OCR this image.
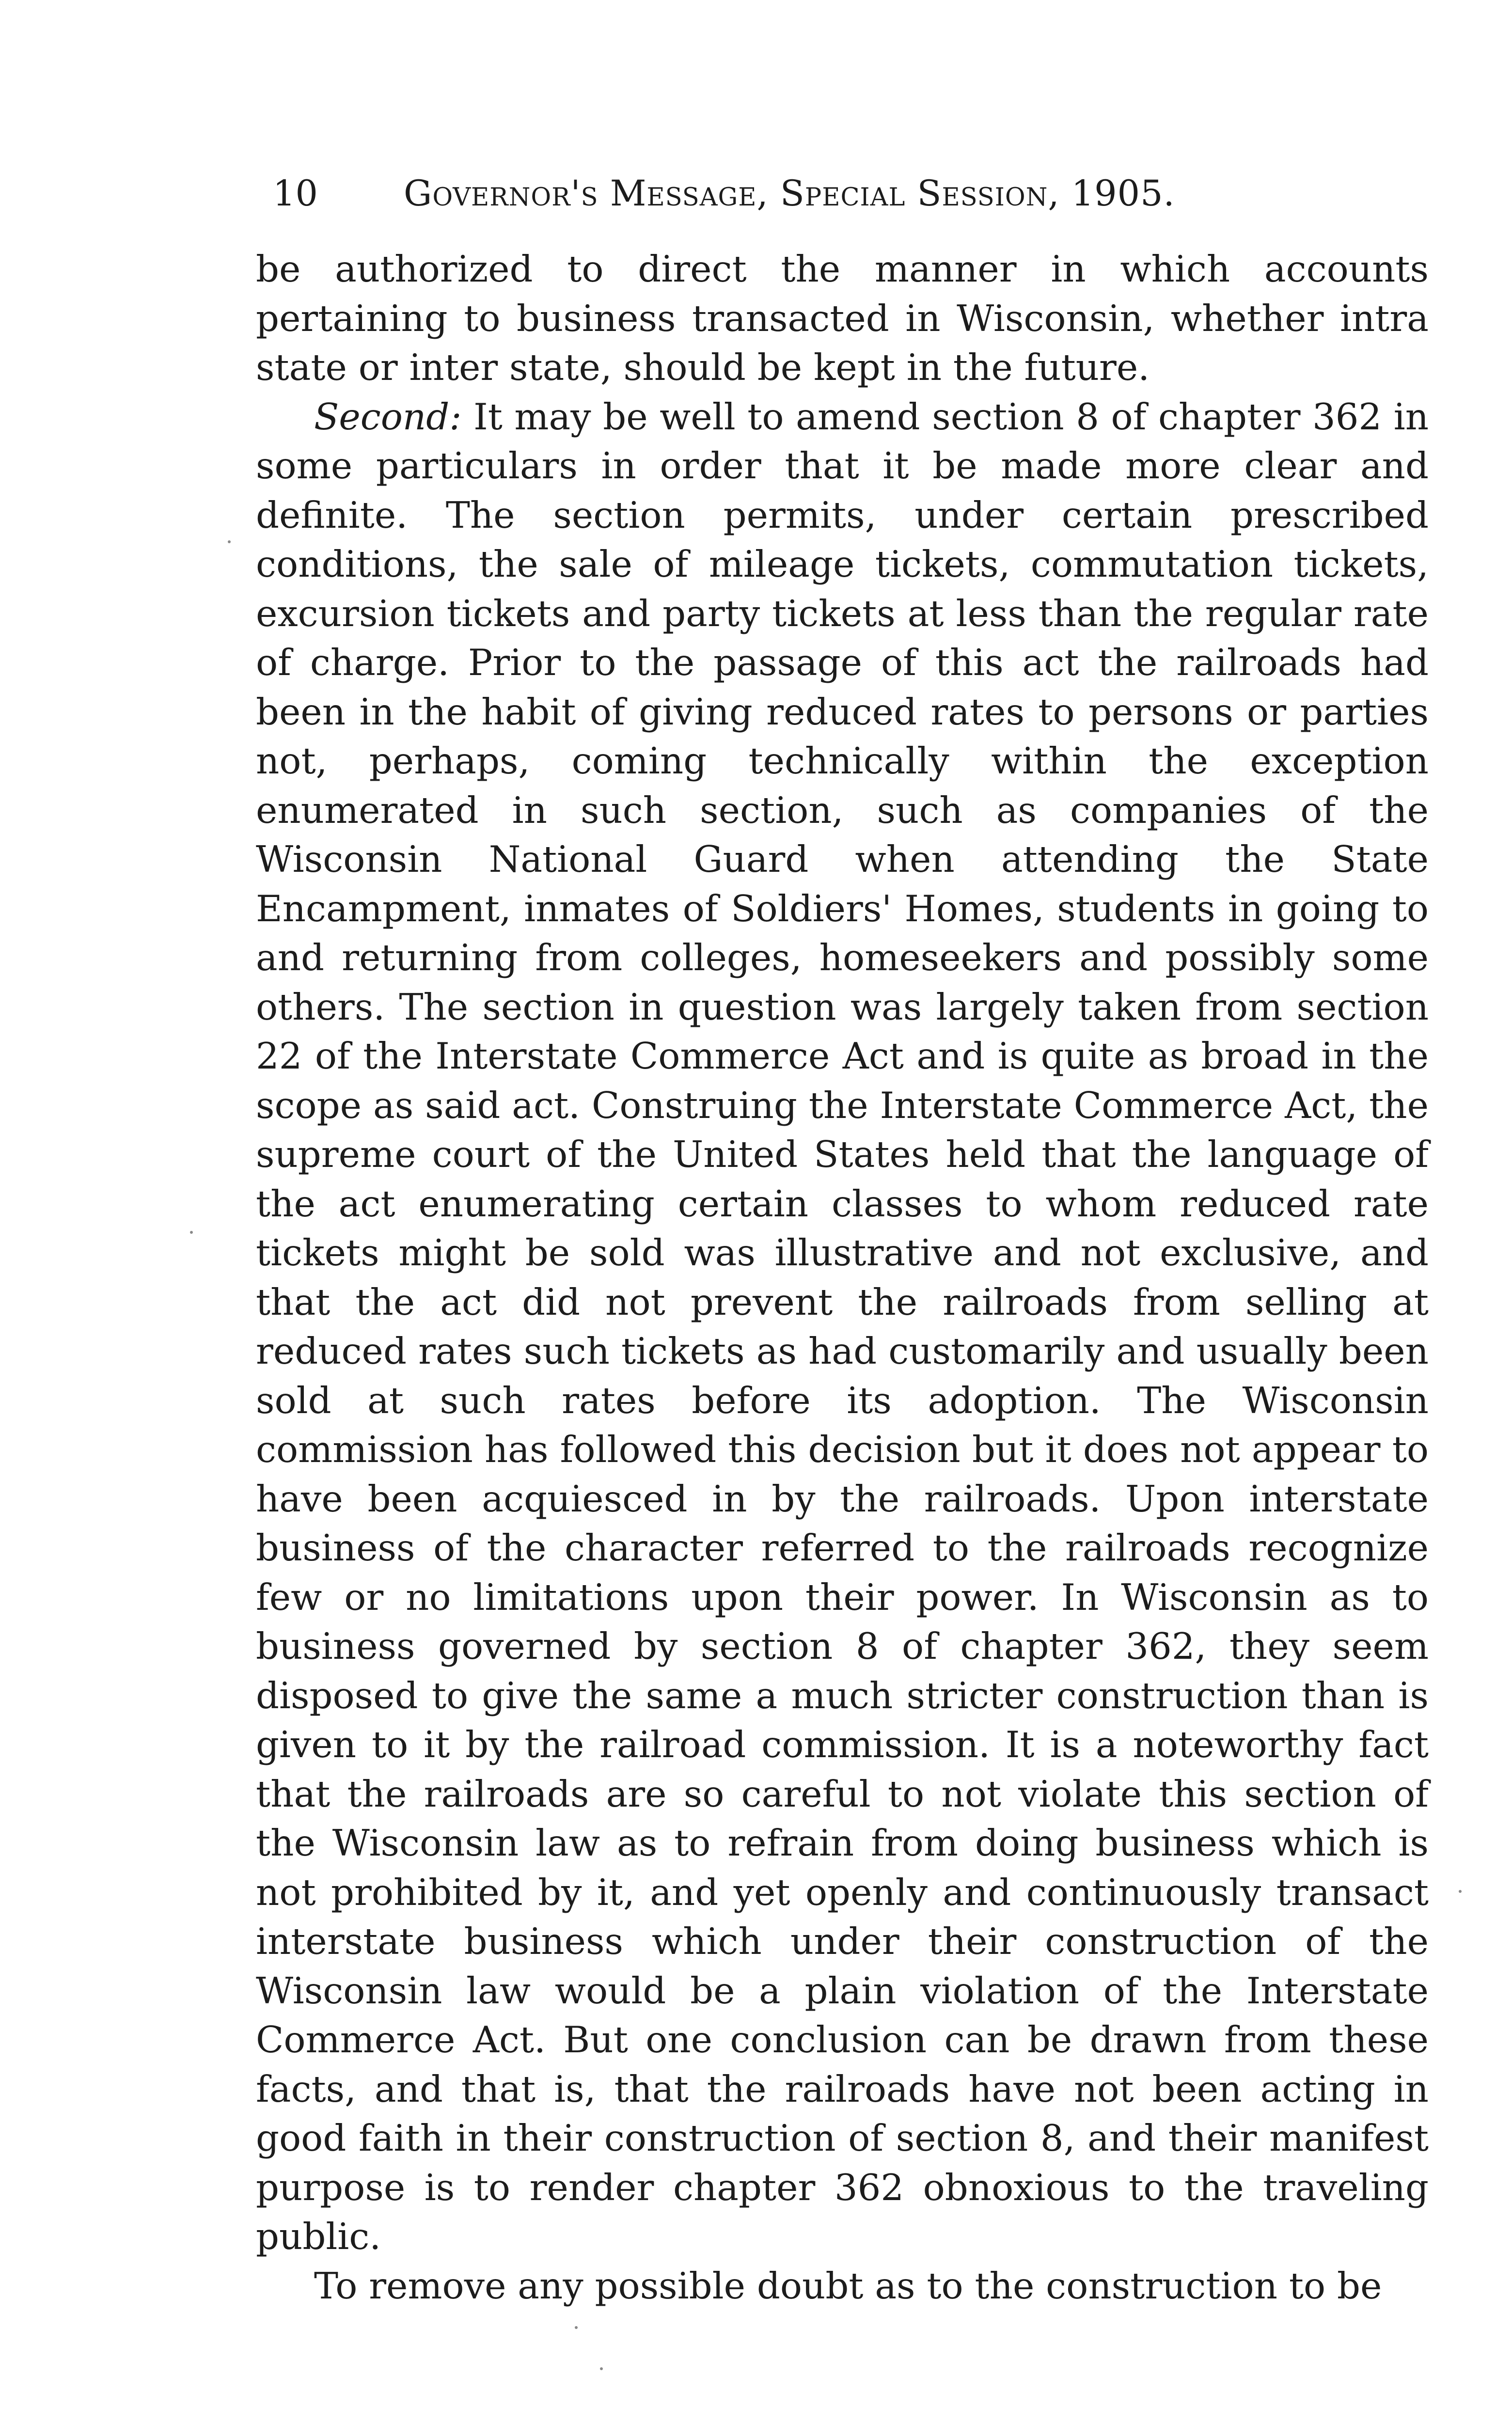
10 Governor's Message, Special Session, 1905.

be authorized to direct the manner in which accounts pertaining to business transacted in Wisconsin, whether intra state or inter state, should be kept in the future.

Second: It may be well to amend section 8 of chapter 362 in some particulars in order that it be made more clear and definite. The section permits, under certain prescribed conditions, the sale of mileage tickets, commutation tickets, excursion tickets and party tickets at less than the regular rate of charge. Prior to the passage of this act the railroads had been in the habit of giving reduced rates to persons or parties not, perhaps, coming technically within the exception enumerated in such section, such as companies of the Wisconsin National Guard when attending the State Encampment, inmates of Soldiers' Homes, students in going to and returning from colleges, homeseekers and possibly some others. The section in question was largely taken from section 22 of the Interstate Commerce Act and is quite as broad in the scope as said act. Construing the Interstate Commerce Act, the supreme court of the United States held that the language of the act enumerating certain classes to whom reduced rate tickets might be sold was illustrative and not exclusive, and that the act did not prevent the railroads from selling at reduced rates such tickets as had customarily and usually been sold at such rates before its adoption. The Wisconsin commission has followed this decision but it does not appear to have been acquiesced in by the railroads. Upon interstate business of the character referred to the railroads recognize few or no limitations upon their power. In Wisconsin as to business governed by section 8 of chapter 362, they seem disposed to give the same a much stricter construction than is given to it by the railroad commission. It is a noteworthy fact that the railroads are so careful to not violate this section of the Wisconsin law as to refrain from doing business which is not prohibited by it, and yet openly and continuously transact interstate business which under their construction of the Wisconsin law would be a plain violation of the Interstate Commerce Act. But one conclusion can be drawn from these facts, and that is, that the railroads have not been acting in good faith in their construction of section 8, and their manifest purpose is to render chapter 362 obnoxious to the traveling public.

To remove any possible doubt as to the construction to be
